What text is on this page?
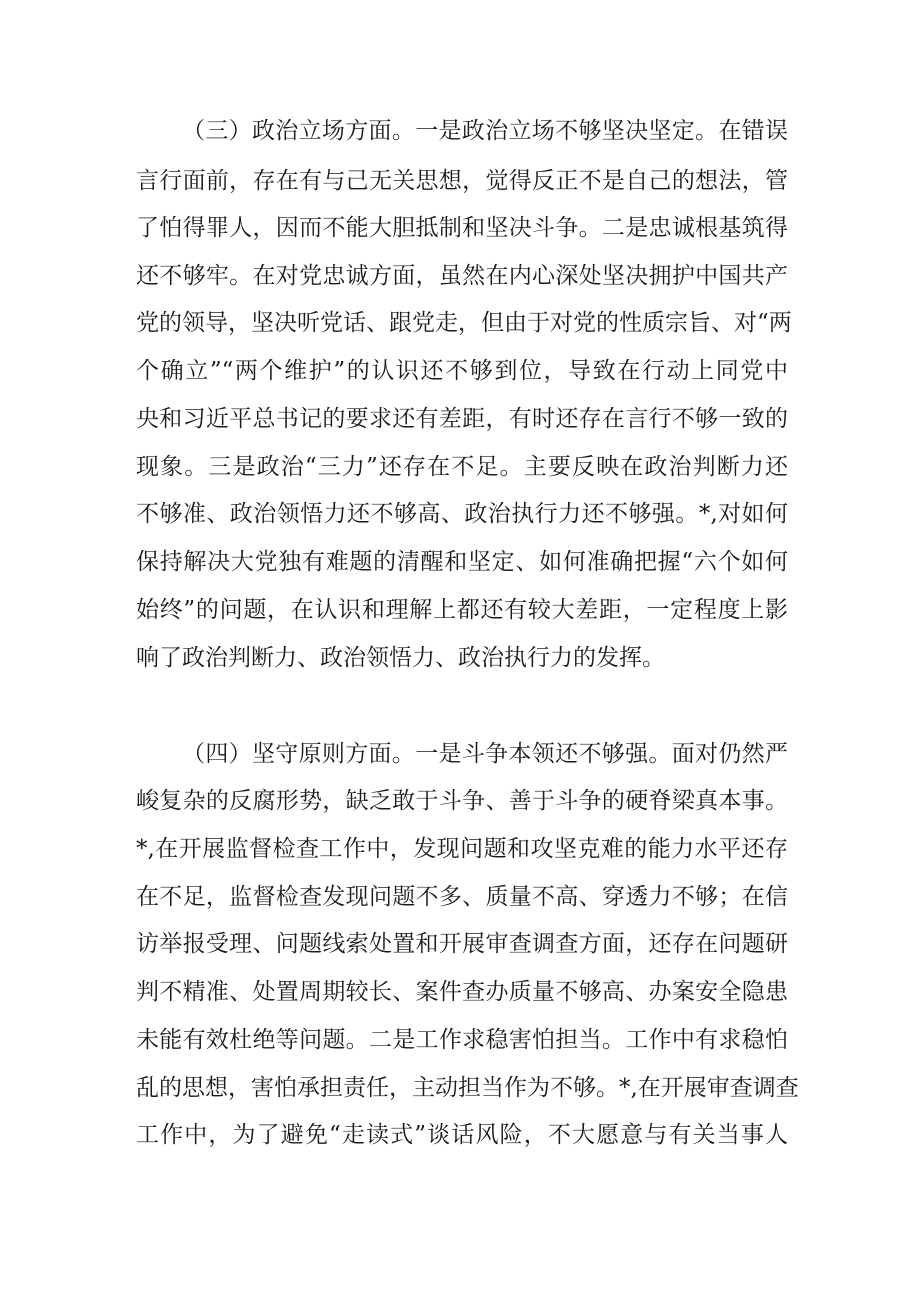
（三）政治立场方面。一是政治立场不够坚决坚定。在错误
言行面前，存在有与己无关思想，觉得反正不是自己的想法，管
了怕得罪人，因而不能大胆抵制和坚决斗争。二是忠诚根基筑得
还不够牢。在对党忠诚方面，虽然在内心深处坚决拥护中国共产
党的领导，坚决听党话、跟党走，但由于对党的性质宗旨、对“两
个确立”“两个维护”的认识还不够到位，导致在行动上同党中
央和习近平总书记的要求还有差距，有时还存在言行不够一致的
现象。三是政治“三力”还存在不足。主要反映在政治判断力还
不够准、政治领悟力还不够高、政治执行力还不够强。*,对如何
保持解决大党独有难题的清醒和坚定、如何准确把握“六个如何
始终”的问题，在认识和理解上都还有较大差距，一定程度上影
响了政治判断力、政治领悟力、政治执行力的发挥。
（四）坚守原则方面。一是斗争本领还不够强。面对仍然严
峻复杂的反腐形势，缺乏敢于斗争、善于斗争的硬脊梁真本事。
*,在开展监督检查工作中，发现问题和攻坚克难的能力水平还存
在不足，监督检查发现问题不多、质量不高、穿透力不够；在信
访举报受理、问题线索处置和开展审查调查方面，还存在问题研
判不精准、处置周期较长、案件查办质量不够高、办案安全隐患
未能有效杜绝等问题。二是工作求稳害怕担当。工作中有求稳怕
乱的思想，害怕承担责任，主动担当作为不够。*,在开展审查调查
工作中，为了避免“走读式”谈话风险，不大愿意与有关当事人
